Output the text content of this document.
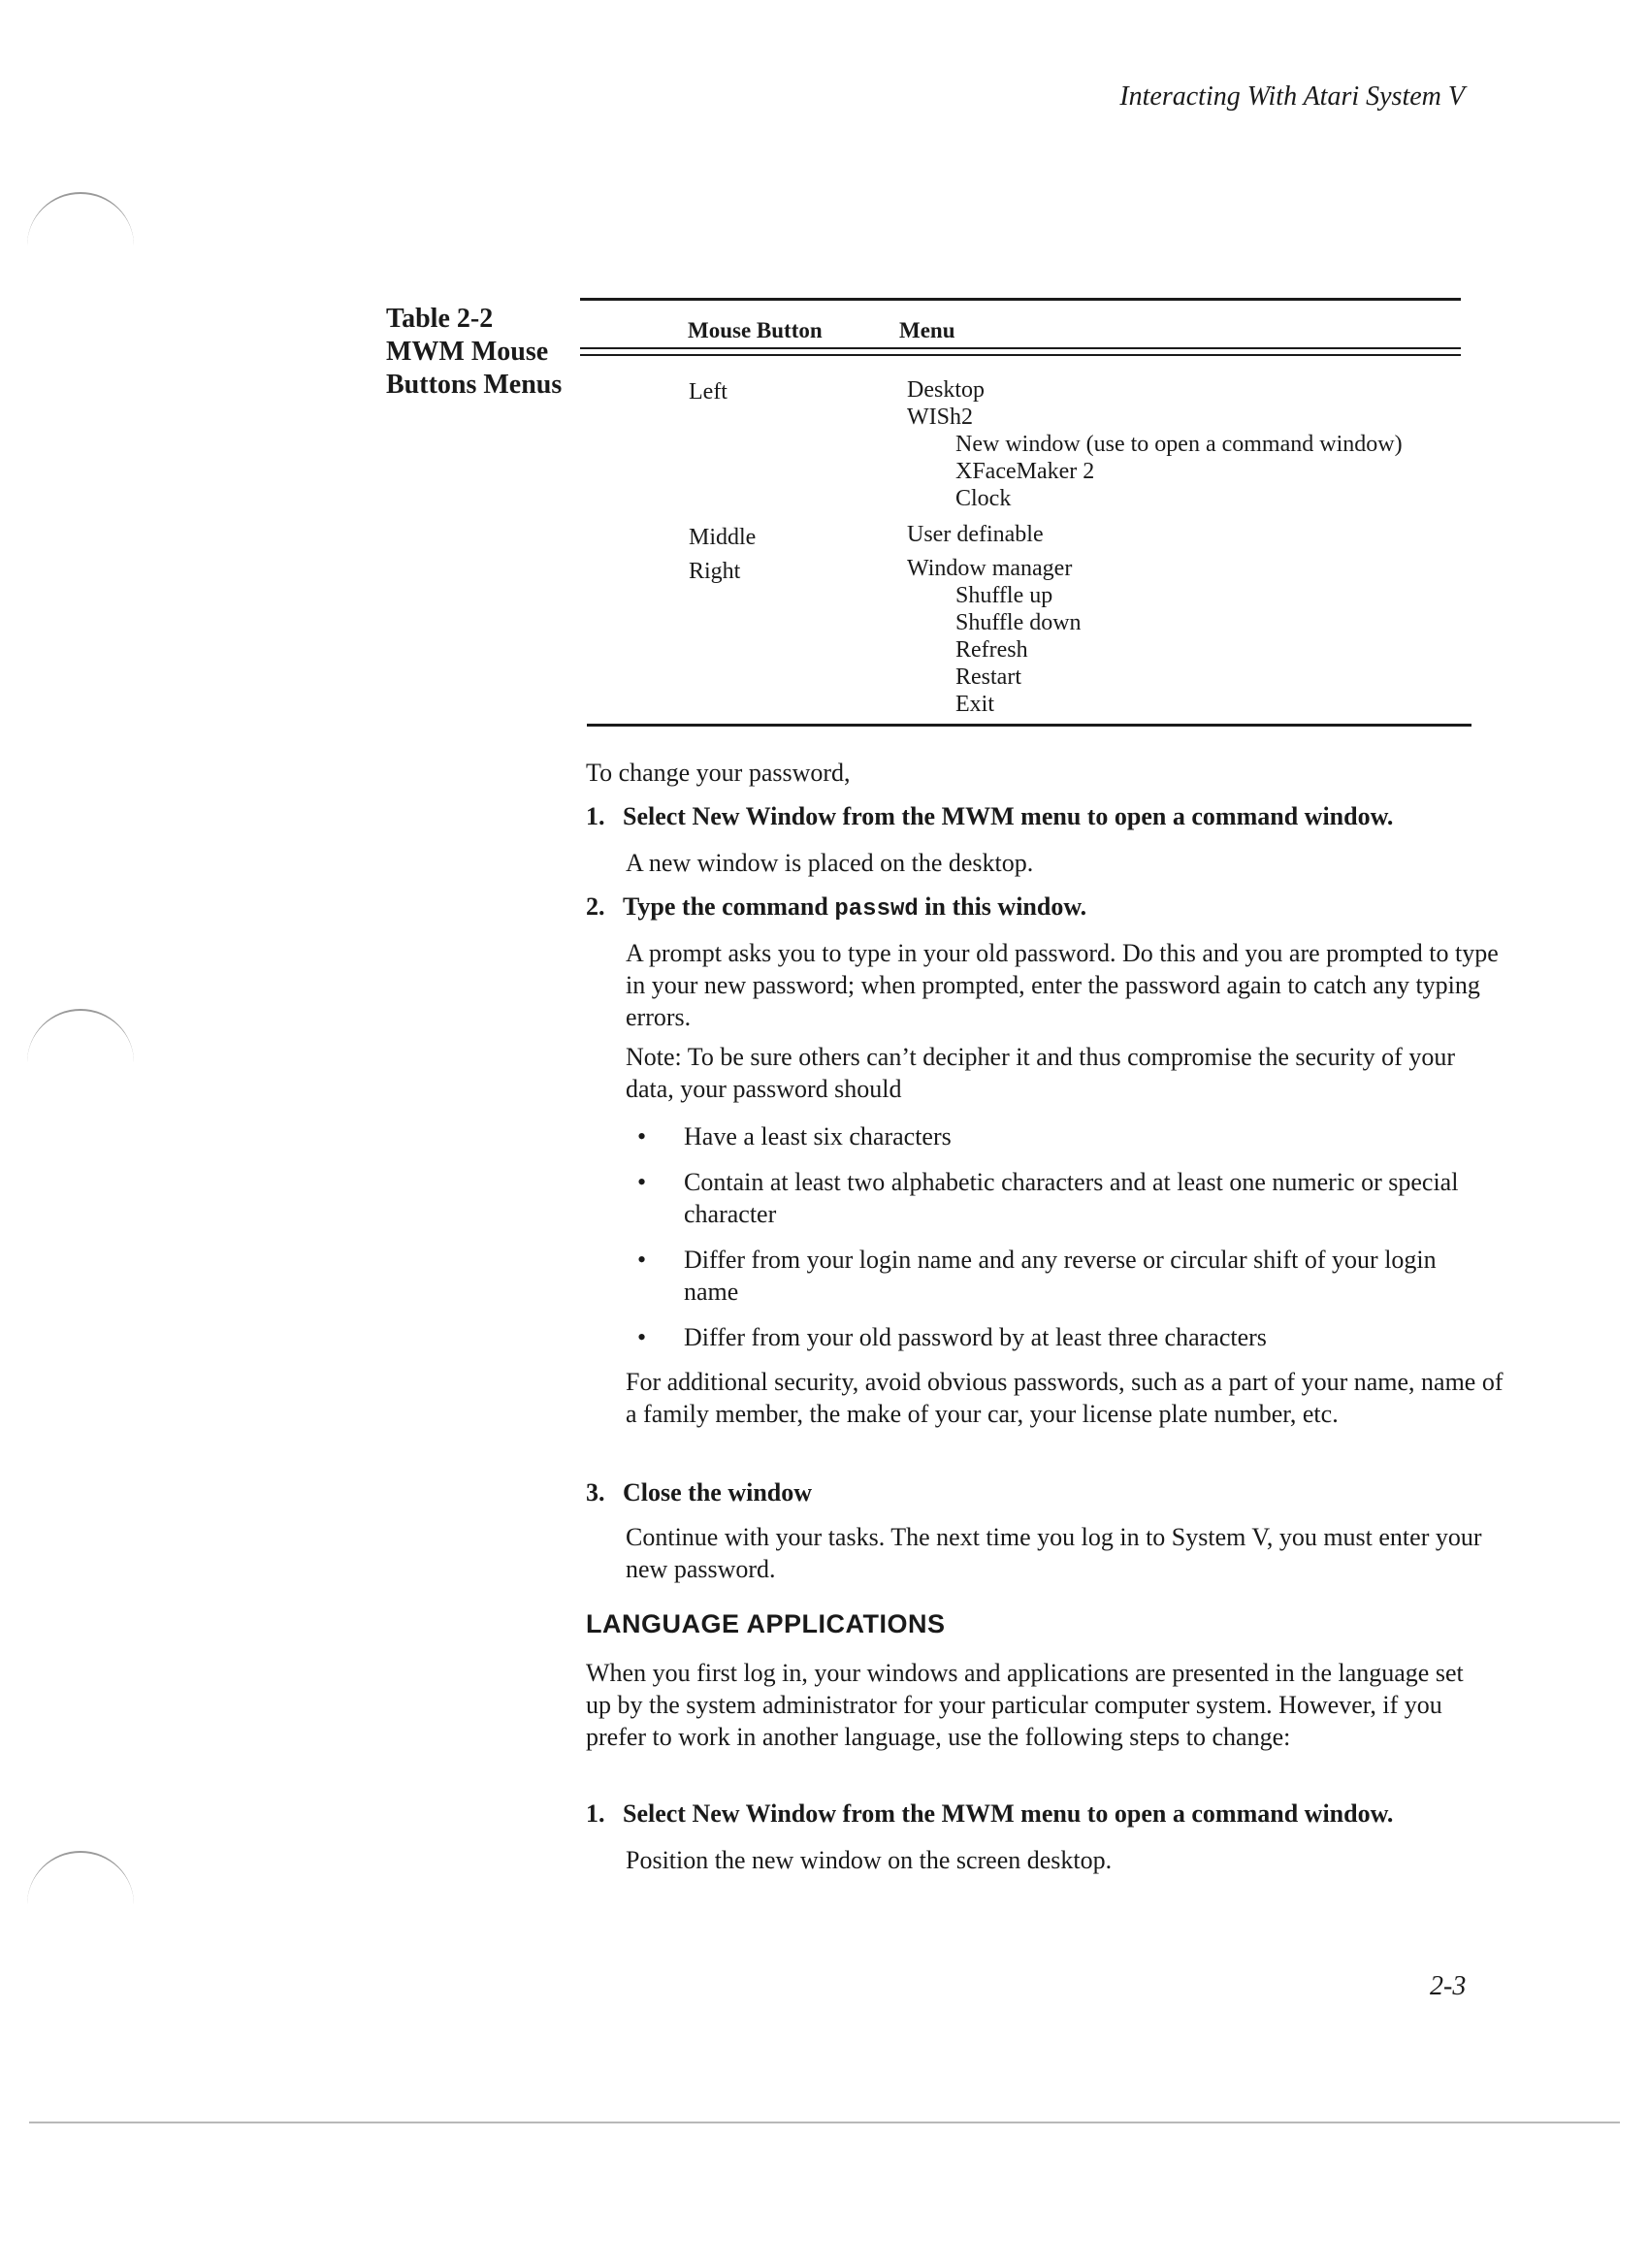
Interacting With Atari System V
Table 2-2
MWM Mouse
Buttons Menus
Mouse Button	Menu
Left	Desktop
WISh2
New window (use to open a command window)
XFaceMaker 2
Clock
Middle	User definable
Right	Window manager
Shuffle up
Shuffle down
Refresh
Restart
Exit

To change your password,

1. Select New Window from the MWM menu to open a command window.

A new window is placed on the desktop.

2. Type the command passwd in this window.

A prompt asks you to type in your old password. Do this and you are prompted to type in your new password; when prompted, enter the password again to catch any typing errors.

Note: To be sure others can’t decipher it and thus compromise the security of your data, your password should

• Have a least six characters
• Contain at least two alphabetic characters and at least one numeric or special character
• Differ from your login name and any reverse or circular shift of your login name
• Differ from your old password by at least three characters

For additional security, avoid obvious passwords, such as a part of your name, name of a family member, the make of your car, your license plate number, etc.

3. Close the window

Continue with your tasks. The next time you log in to System V, you must enter your new password.

LANGUAGE APPLICATIONS

When you first log in, your windows and applications are presented in the language set up by the system administrator for your particular computer system. However, if you prefer to work in another language, use the following steps to change:

1. Select New Window from the MWM menu to open a command window.

Position the new window on the screen desktop.

2-3
